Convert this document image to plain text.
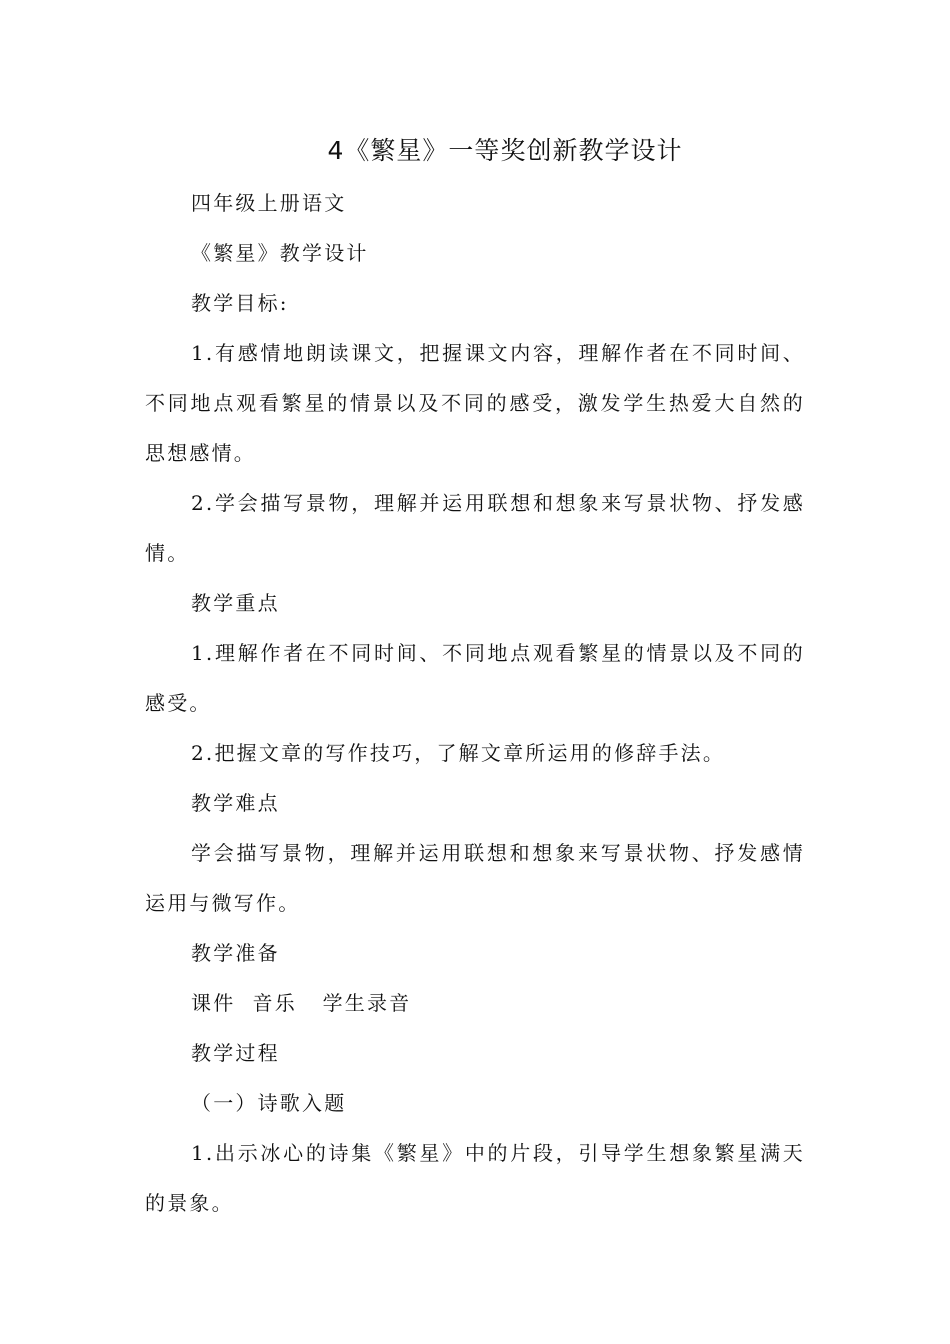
4《繁星》一等奖创新教学设计

四年级上册语文

《繁星》教学设计

教学目标:

1.有感情地朗读课文，把握课文内容，理解作者在不同时间、不同地点观看繁星的情景以及不同的感受，激发学生热爱大自然的思想感情。

2.学会描写景物，理解并运用联想和想象来写景状物、抒发感情。

教学重点

1.理解作者在不同时间、不同地点观看繁星的情景以及不同的感受。

2.把握文章的写作技巧，了解文章所运用的修辞手法。

教学难点

学会描写景物，理解并运用联想和想象来写景状物、抒发感情运用与微写作。

教学准备

课件  音乐   学生录音

教学过程

（一）诗歌入题

1.出示冰心的诗集《繁星》中的片段，引导学生想象繁星满天的景象。
